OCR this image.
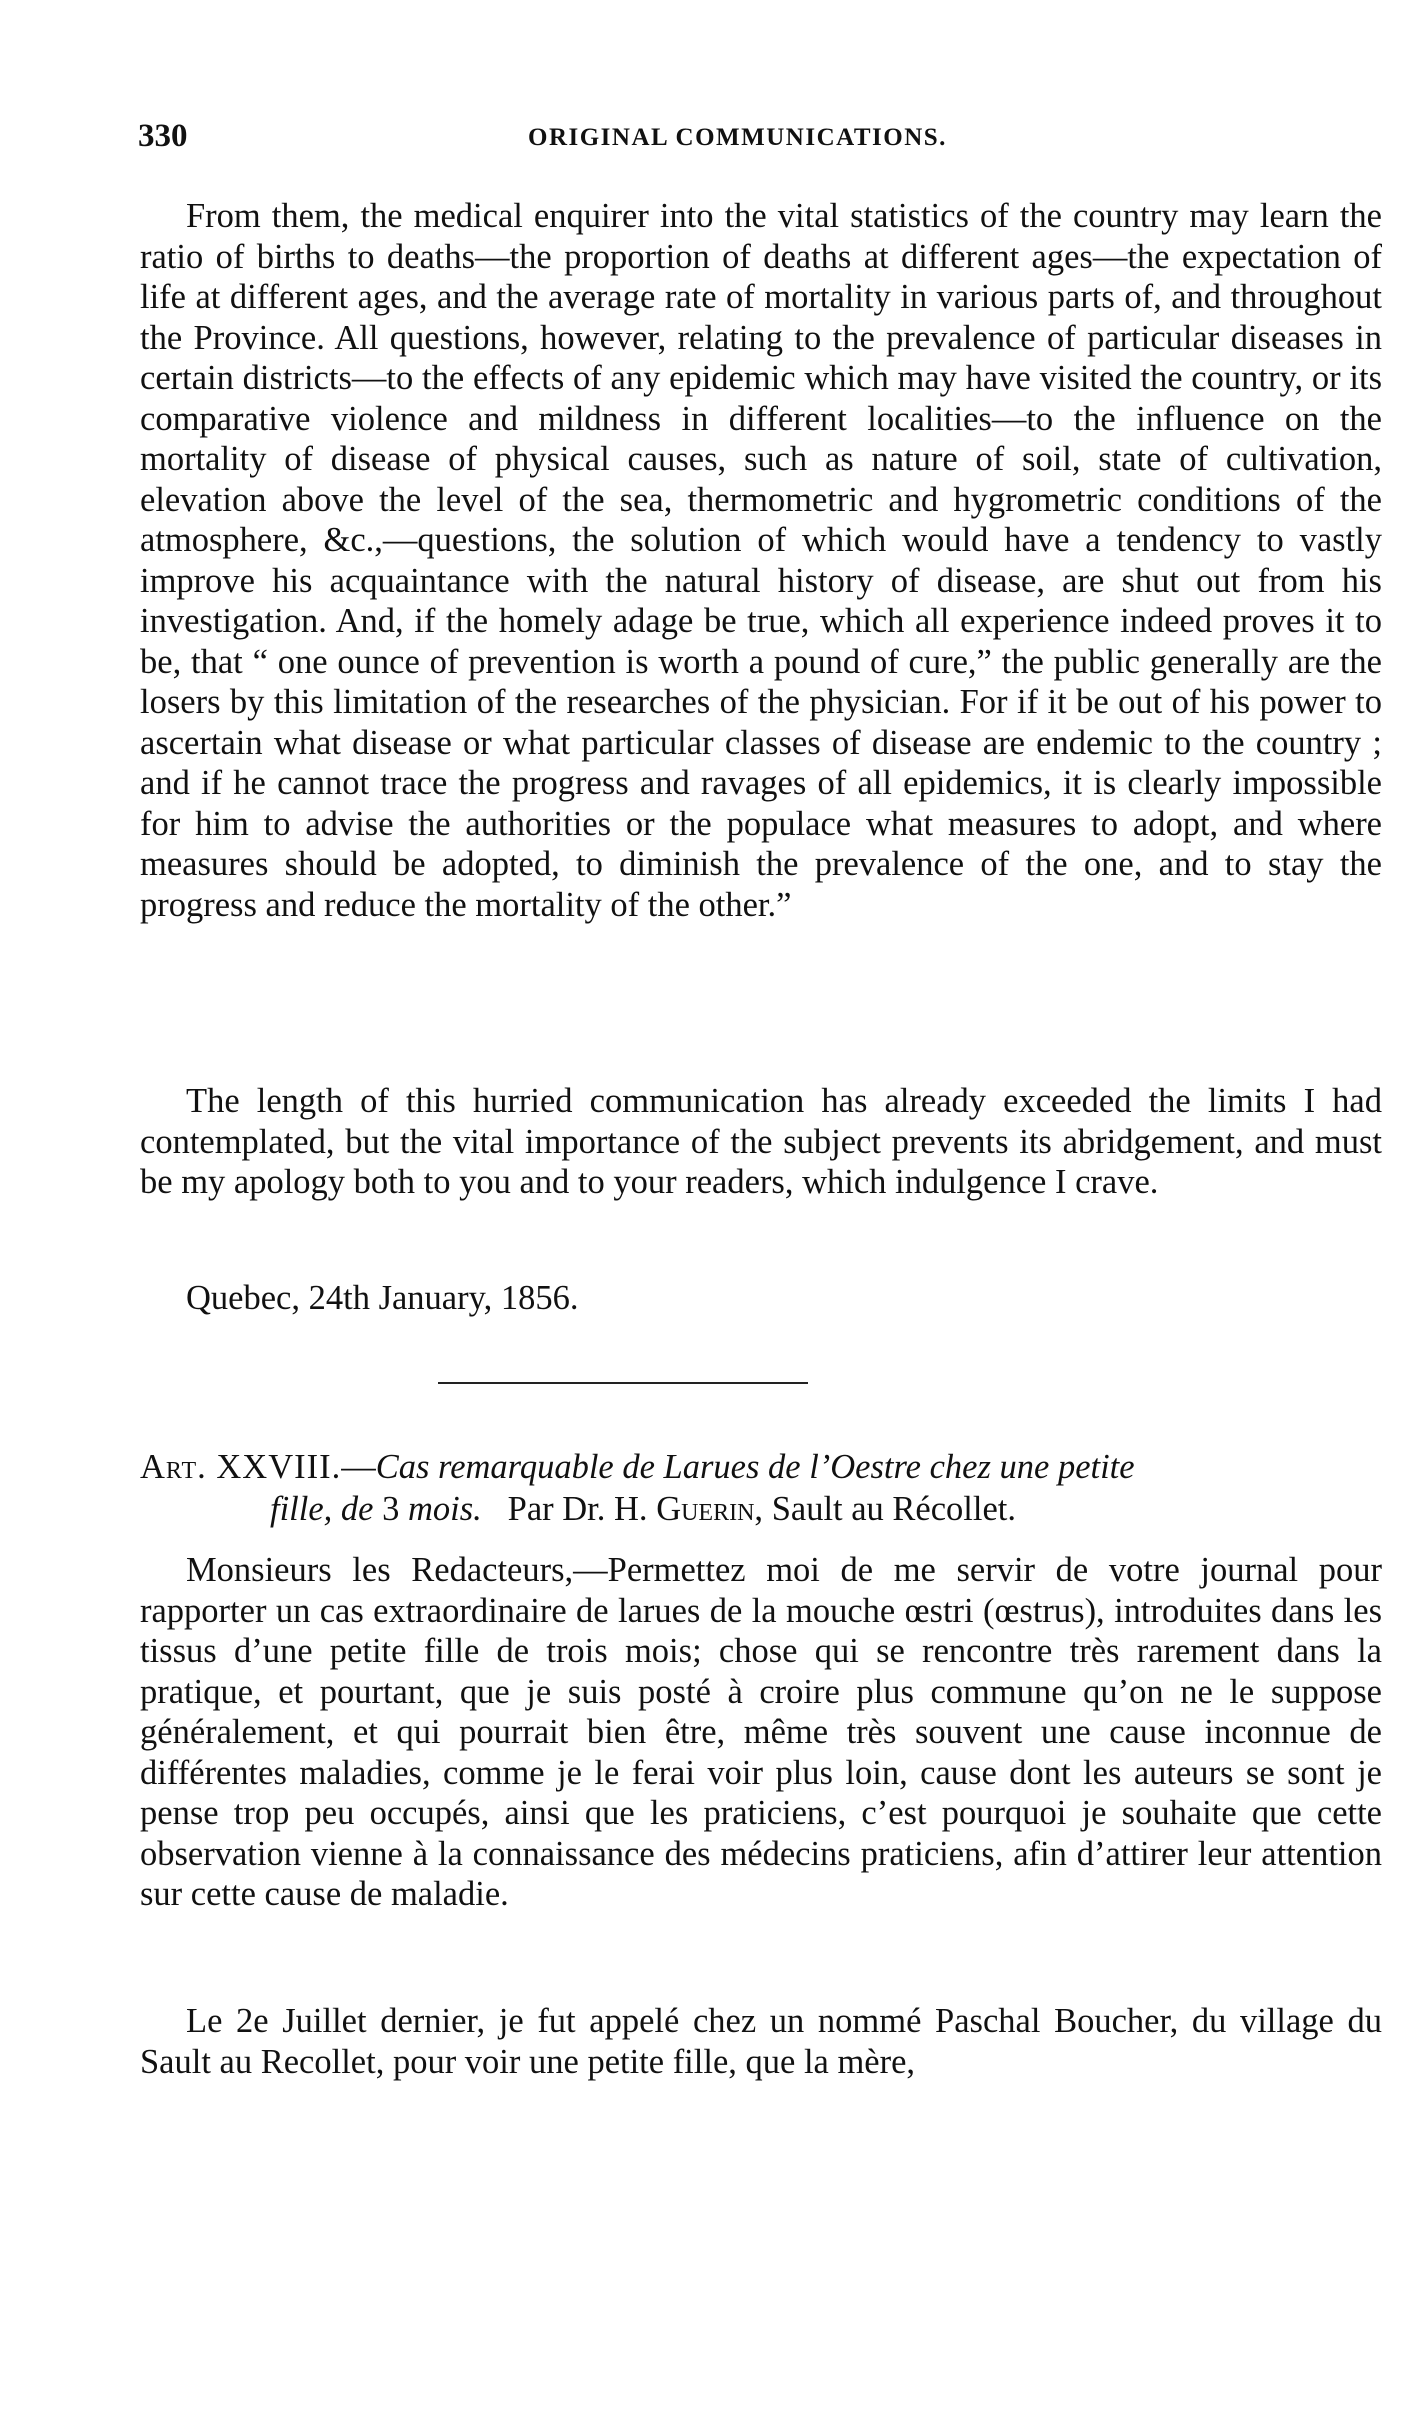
330	ORIGINAL COMMUNICATIONS.

From them, the medical enquirer into the vital statistics of the country may learn the ratio of births to deaths—the proportion of deaths at different ages—the expectation of life at different ages, and the average rate of mortality in various parts of, and throughout the Province. All questions, however, relating to the prevalence of particular diseases in certain districts—to the effects of any epidemic which may have visited the country, or its comparative violence and mildness in different localities—to the influence on the mortality of disease of physical causes, such as nature of soil, state of cultivation, elevation above the level of the sea, thermometric and hygrometric conditions of the atmosphere, &c.,—questions, the solution of which would have a tendency to vastly improve his acquaintance with the natural history of disease, are shut out from his investigation. And, if the homely adage be true, which all experience indeed proves it to be, that “ one ounce of prevention is worth a pound of cure,” the public generally are the losers by this limitation of the researches of the physician. For if it be out of his power to ascertain what disease or what particular classes of disease are endemic to the country ; and if he cannot trace the progress and ravages of all epidemics, it is clearly impossible for him to advise the authorities or the populace what measures to adopt, and where measures should be adopted, to diminish the prevalence of the one, and to stay the progress and reduce the mortality of the other.”

The length of this hurried communication has already exceeded the limits I had contemplated, but the vital importance of the subject prevents its abridgement, and must be my apology both to you and to your readers, which indulgence I crave.

Quebec, 24th January, 1856.
Art. XXVIII.—Cas remarquable de Larues de l’Oestre chez une petite
fille, de 3 mois. Par Dr. H. Guerin, Sault au Récollet.

Monsieurs les Redacteurs,—Permettez moi de me servir de votre journal pour rapporter un cas extraordinaire de larues de la mouche œstri (œstrus), introduites dans les tissus d’une petite fille de trois mois; chose qui se rencontre très rarement dans la pratique, et pourtant, que je suis posté à croire plus commune qu’on ne le suppose généralement, et qui pourrait bien être, même très souvent une cause inconnue de différentes maladies, comme je le ferai voir plus loin, cause dont les auteurs se sont je pense trop peu occupés, ainsi que les praticiens, c’est pourquoi je souhaite que cette observation vienne à la connaissance des médecins praticiens, afin d’attirer leur attention sur cette cause de maladie.

Le 2e Juillet dernier, je fut appelé chez un nommé Paschal Boucher, du village du Sault au Recollet, pour voir une petite fille, que la mère,
